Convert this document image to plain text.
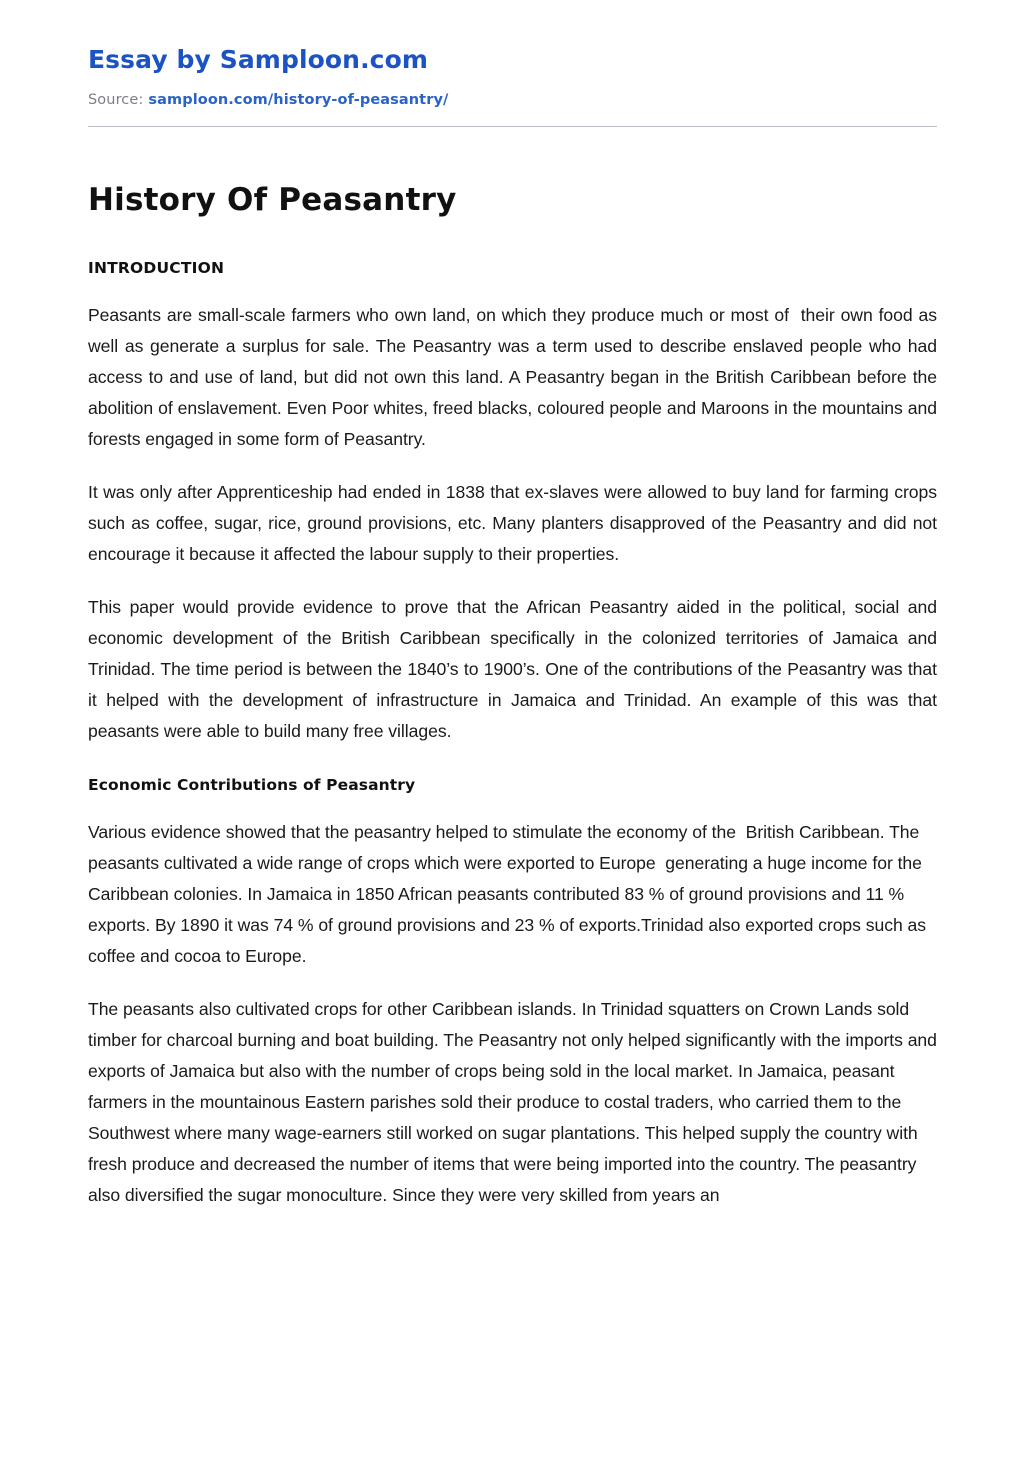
Essay by Samploon.com
Source: samploon.com/history-of-peasantry/
History Of Peasantry
INTRODUCTION

Peasants are small-scale farmers who own land, on which they produce much or most of  their own food as well as generate a surplus for sale. The Peasantry was a term used to describe enslaved people who had access to and use of land, but did not own this land. A Peasantry began in the British Caribbean before the abolition of enslavement. Even Poor whites, freed blacks, coloured people and Maroons in the mountains and forests engaged in some form of Peasantry.

It was only after Apprenticeship had ended in 1838 that ex-slaves were allowed to buy land for farming crops such as coffee, sugar, rice, ground provisions, etc. Many planters disapproved of the Peasantry and did not encourage it because it affected the labour supply to their properties.

This paper would provide evidence to prove that the African Peasantry aided in the political, social and economic development of the British Caribbean specifically in the colonized territories of Jamaica and Trinidad. The time period is between the 1840’s to 1900’s. One of the contributions of the Peasantry was that it helped with the development of infrastructure in Jamaica and Trinidad. An example of this was that peasants were able to build many free villages.

Economic Contributions of Peasantry

Various evidence showed that the peasantry helped to stimulate the economy of the  British Caribbean. The peasants cultivated a wide range of crops which were exported to Europe  generating a huge income for the Caribbean colonies. In Jamaica in 1850 African peasants contributed 83 % of ground provisions and 11 % exports. By 1890 it was 74 % of ground provisions and 23 % of exports.Trinidad also exported crops such as coffee and cocoa to Europe.

The peasants also cultivated crops for other Caribbean islands. In Trinidad squatters on Crown Lands sold timber for charcoal burning and boat building. The Peasantry not only helped significantly with the imports and exports of Jamaica but also with the number of crops being sold in the local market. In Jamaica, peasant farmers in the mountainous Eastern parishes sold their produce to costal traders, who carried them to the Southwest where many wage-earners still worked on sugar plantations. This helped supply the country with fresh produce and decreased the number of items that were being imported into the country. The peasantry also diversified the sugar monoculture. Since they were very skilled from years an
